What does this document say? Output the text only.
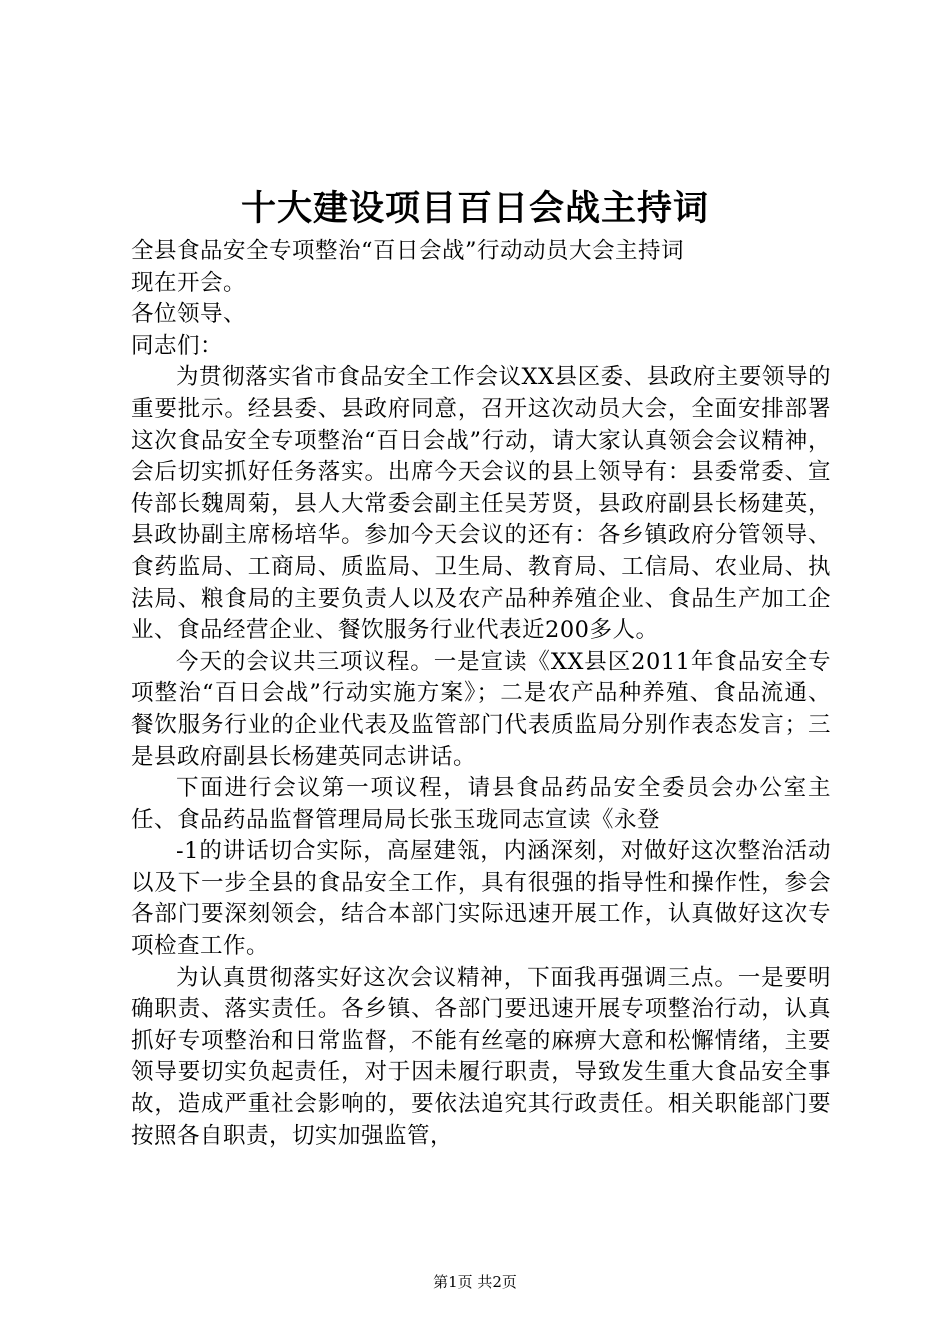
十大建设项目百日会战主持词

全县食品安全专项整治“百日会战”行动动员大会主持词

现在开会。

各位领导、

同志们：

为贯彻落实省市食品安全工作会议XX县区委、县政府主要领导的重要批示。经县委、县政府同意，召开这次动员大会，全面安排部署这次食品安全专项整治“百日会战”行动，请大家认真领会会议精神，会后切实抓好任务落实。出席今天会议的县上领导有：县委常委、宣传部长魏周菊，县人大常委会副主任吴芳贤，县政府副县长杨建英，县政协副主席杨培华。参加今天会议的还有：各乡镇政府分管领导、食药监局、工商局、质监局、卫生局、教育局、工信局、农业局、执法局、粮食局的主要负责人以及农产品种养殖企业、食品生产加工企业、食品经营企业、餐饮服务行业代表近200多人。

今天的会议共三项议程。一是宣读《XX县区2011年食品安全专项整治“百日会战”行动实施方案》；二是农产品种养殖、食品流通、餐饮服务行业的企业代表及监管部门代表质监局分别作表态发言；三是县政府副县长杨建英同志讲话。

下面进行会议第一项议程，请县食品药品安全委员会办公室主任、食品药品监督管理局局长张玉珑同志宣读《永登

-1的讲话切合实际，高屋建瓴，内涵深刻，对做好这次整治活动以及下一步全县的食品安全工作，具有很强的指导性和操作性，参会各部门要深刻领会，结合本部门实际迅速开展工作，认真做好这次专项检查工作。

为认真贯彻落实好这次会议精神，下面我再强调三点。一是要明确职责、落实责任。各乡镇、各部门要迅速开展专项整治行动，认真抓好专项整治和日常监督，不能有丝毫的麻痹大意和松懈情绪，主要领导要切实负起责任，对于因未履行职责，导致发生重大食品安全事故，造成严重社会影响的，要依法追究其行政责任。相关职能部门要按照各自职责，切实加强监管，

第1页 共2页
